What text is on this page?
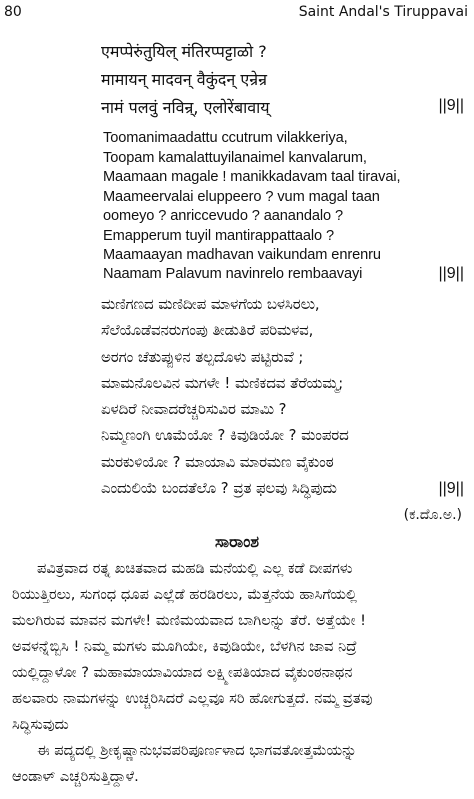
80	Saint Andal's Tiruppavai
एमप्पेरुंतुयिल् मंतिरप्पट्टाळो ?
मामायन् मादवन् वैकुंदन् एन्रेन्र
नामं पलवुं नविन्र्, एलोरेंबावाय्	||9||
Toomanimaadattu ccutrum vilakkeriya,
Toopam kamalattuyilanaimel kanvalarum,
Maamaan magale ! manikkadavam taal tiravai,
Maameervalai eluppeero ? vum magal taan
oomeyo ? anriccevudo ? aanandalo ?
Emapperum tuyil mantirappattaalo ?
Maamaayan madhavan vaikundam enrenru
Naamam Palavum navinrelo rembaavayi	||9||
ಮಣಿಗಣದ ಮಣಿದೀಪ ಮಾಳಗೆಯ ಬಳಸಿರಲು,
ಸೆಲೆಯೊಡೆವನರುಗಂಪು ತೀಡುತಿರೆ ಪರಿಮಳವ,
ಅರಗಂ ಚೆತುಪ್ಪುಳಿನ ತಲ್ಪದೊಳು ಪಟ್ಟಿರುವೆ ;
ಮಾಮನೊಲವಿನ ಮಗಳೇ ! ಮಣಿಕದವ ತೆರೆಯಮ್ಮ;
ಏಳದಿರೆ ನೀವಾದರೆಚ್ಚರಿಸುವಿರ ಮಾಮಿ ?
ನಿಮ್ಮಣಂಗಿ ಊಮೆಯೋ ? ಕಿವುಡಿಯೋ ? ಮಂಪರದ
ಮರಕುಳಿಯೋ ? ಮಾಯಾವಿ ಮಾರಮಣ ವೈಕುಂಠ
ಎಂದುಲಿಯೆ ಬಂದತೆಲೊ ? ವ್ರತ ಫಲವು ಸಿದ್ಧಿಪುದು	||9||
(ಕ.ದೊ.ಅ.)
ಸಾರಾಂಶ
ಪವಿತ್ರವಾದ ರತ್ನ ಖಚಿತವಾದ ಮಹಡಿ ಮನೆಯಲ್ಲಿ ಎಲ್ಲ ಕಡೆ ದೀಪಗಳು
ರಿಯುತ್ತಿರಲು, ಸುಗಂಧ ಧೂಪ ಎಲ್ಲೆಡೆ ಹರಡಿರಲು, ಮೆತ್ತನೆಯ ಹಾಸಿಗೆಯಲ್ಲಿ
ಮಲಗಿರುವ ಮಾವನ ಮಗಳೇ! ಮಣಿಮಯವಾದ ಬಾಗಿಲನ್ನು ತೆರೆ. ಅತ್ತೆಯೇ !
ಅವಳನ್ನೆಬ್ಬಿಸಿ ! ನಿಮ್ಮ ಮಗಳು ಮೂಗಿಯೇ, ಕಿವುಡಿಯೇ, ಬೆಳಗಿನ ಜಾವ ನಿದ್ರೆ
ಯಲ್ಲಿದ್ದಾಳೋ ? ಮಹಾಮಾಯಾವಿಯಾದ ಲಕ್ಷ್ಮೀಪತಿಯಾದ ವೈಕುಂಠನಾಥನ
ಹಲವಾರು ನಾಮಗಳನ್ನು ಉಚ್ಚರಿಸಿದರೆ ಎಲ್ಲವೂ ಸರಿ ಹೋಗುತ್ತದೆ. ನಮ್ಮ ವ್ರತವು
ಸಿದ್ಧಿಸುವುದು
ಈ ಪದ್ಯದಲ್ಲಿ ಶ್ರೀಕೃಷ್ಣಾನುಭವಪರಿಪೂರ್ಣಳಾದ ಭಾಗವತೋತ್ತಮೆಯನ್ನು
ಆಂಡಾಳ್ ಎಚ್ಚರಿಸುತ್ತಿದ್ದಾಳೆ.
